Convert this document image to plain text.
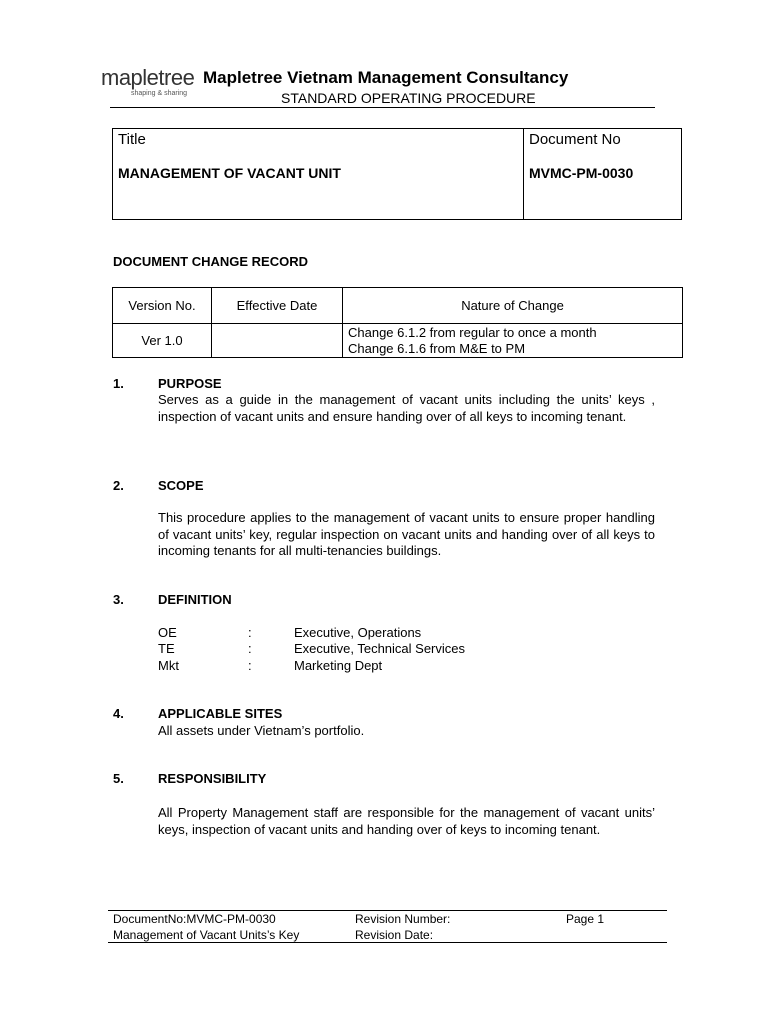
mapletree
shaping & sharing
Mapletree Vietnam Management Consultancy
STANDARD OPERATING PROCEDURE
Title
MANAGEMENT OF VACANT UNIT

Document No
MVMC-PM-0030
DOCUMENT CHANGE RECORD
Version No.	Effective Date	Nature of Change
Ver 1.0		Change 6.1.2 from regular to once a month
Change 6.1.6 from M&E to PM
1.	PURPOSE
Serves as a guide in the management of vacant units including the units’ keys , inspection of vacant units and ensure handing over of all keys to incoming tenant.
2.	SCOPE
This procedure applies to the management of vacant units to ensure proper handling of vacant units’ key, regular inspection on vacant units and handing over of all keys to incoming tenants for all multi-tenancies buildings.
3.	DEFINITION
OE	:	Executive, Operations
TE	:	Executive, Technical Services
Mkt	:	Marketing Dept
4.	APPLICABLE SITES
All assets under Vietnam’s portfolio.
5.	RESPONSIBILITY
All Property Management staff are responsible for the management of vacant units’ keys, inspection of vacant units and handing over of keys to incoming tenant.
DocumentNo:MVMC-PM-0030	Revision Number:	Page 1
Management of Vacant Units’s Key	Revision Date:
